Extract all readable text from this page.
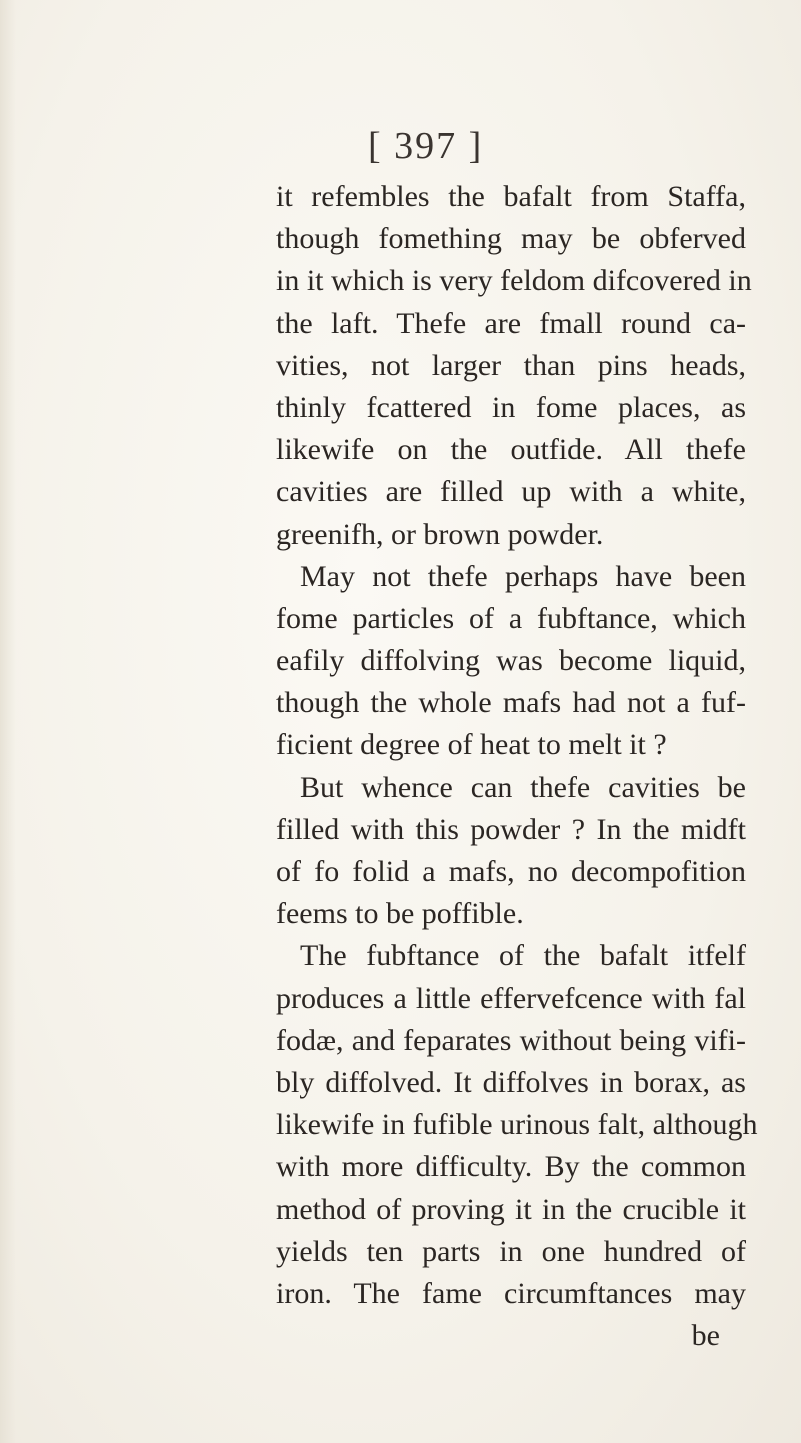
[ 397 ]
it refembles the bafalt from Staffa,
though fomething may be obferved
in it which is very feldom difcovered in
the laft. Thefe are fmall round ca-
vities, not larger than pins heads,
thinly fcattered in fome places, as
likewife on the outfide. All thefe
cavities are filled up with a white,
greenifh, or brown powder.
May not thefe perhaps have been
fome particles of a fubftance, which
eafily diffolving was become liquid,
though the whole mafs had not a fuf-
ficient degree of heat to melt it ?
But whence can thefe cavities be
filled with this powder ? In the midft
of fo folid a mafs, no decompofition
feems to be poffible.
The fubftance of the bafalt itfelf
produces a little effervefcence with fal
fodæ, and feparates without being vifi-
bly diffolved. It diffolves in borax, as
likewife in fufible urinous falt, although
with more difficulty. By the common
method of proving it in the crucible it
yields ten parts in one hundred of
iron. The fame circumftances may
be
